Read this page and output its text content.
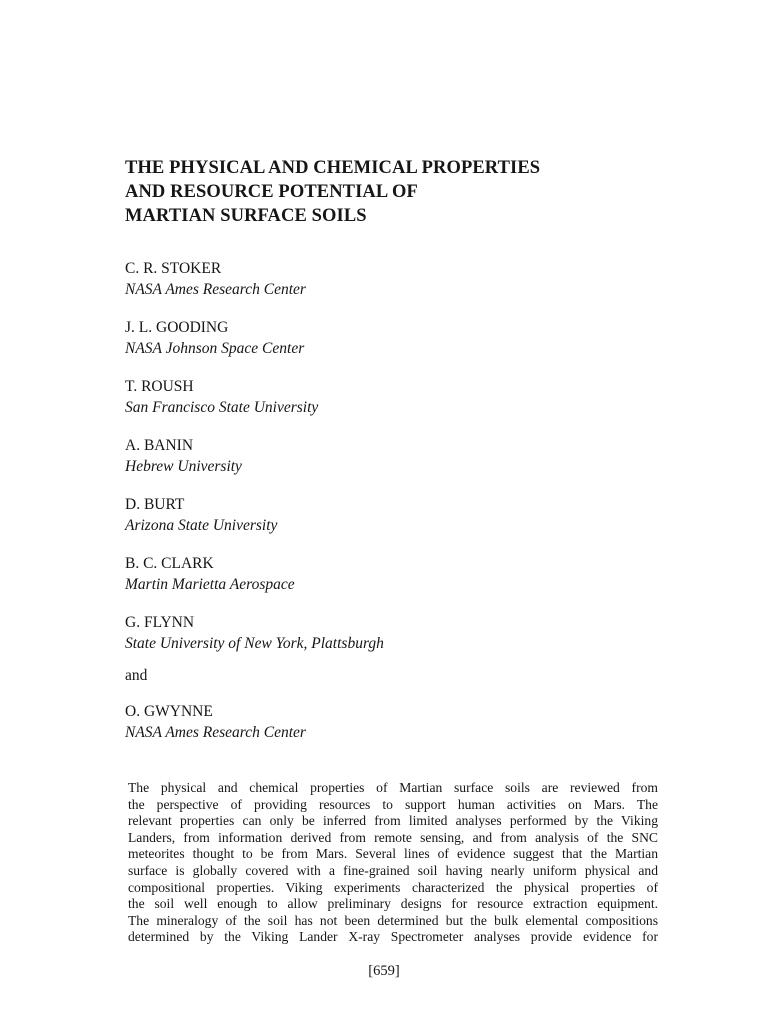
THE PHYSICAL AND CHEMICAL PROPERTIES
AND RESOURCE POTENTIAL OF
MARTIAN SURFACE SOILS
C. R. STOKER
NASA Ames Research Center
J. L. GOODING
NASA Johnson Space Center
T. ROUSH
San Francisco State University
A. BANIN
Hebrew University
D. BURT
Arizona State University
B. C. CLARK
Martin Marietta Aerospace
G. FLYNN
State University of New York, Plattsburgh
and
O. GWYNNE
NASA Ames Research Center
The physical and chemical properties of Martian surface soils are reviewed from
the perspective of providing resources to support human activities on Mars. The
relevant properties can only be inferred from limited analyses performed by the Viking
Landers, from information derived from remote sensing, and from analysis of the SNC
meteorites thought to be from Mars. Several lines of evidence suggest that the Martian
surface is globally covered with a fine-grained soil having nearly uniform physical and
compositional properties. Viking experiments characterized the physical properties of
the soil well enough to allow preliminary designs for resource extraction equipment.
The mineralogy of the soil has not been determined but the bulk elemental compositions
determined by the Viking Lander X-ray Spectrometer analyses provide evidence for
[659]
